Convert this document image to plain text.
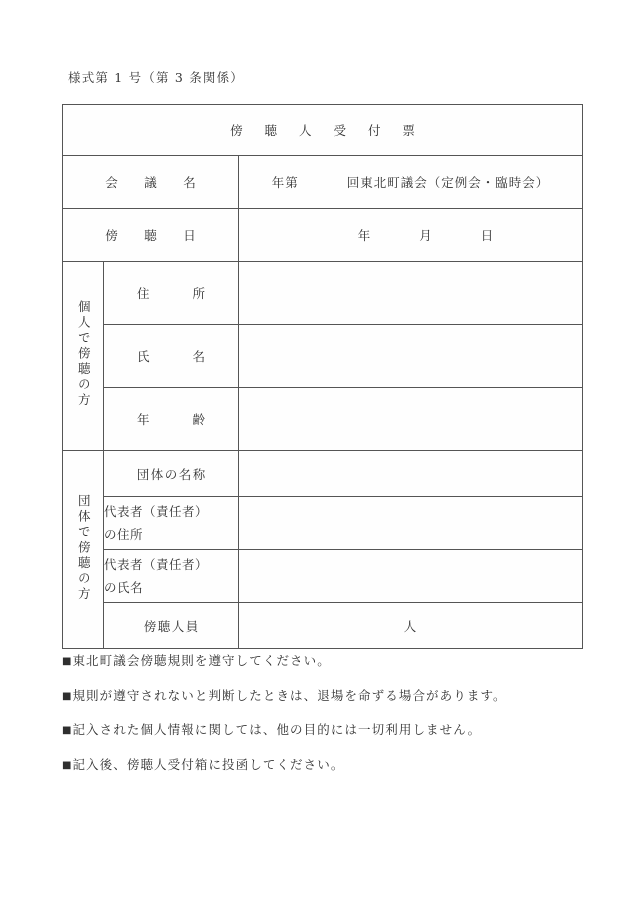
様式第 1 号（第 3 条関係）
傍 聴 人 受 付 票		
会　議　名		年第 回東北町議会（定例会・臨時会）
傍　聴　日		年 月 日
個人で傍聴の方	住　　所	
	氏　　名	
	年　　齢	
団体で傍聴の方	団体の名称	

	代表者（責任者）
の住所	

	代表者（責任者）
の氏名	

	傍聴人員	人
■東北町議会傍聴規則を遵守してください。
■規則が遵守されないと判断したときは、退場を命ずる場合があります。
■記入された個人情報に関しては、他の目的には一切利用しません。
■記入後、傍聴人受付箱に投函してください。
